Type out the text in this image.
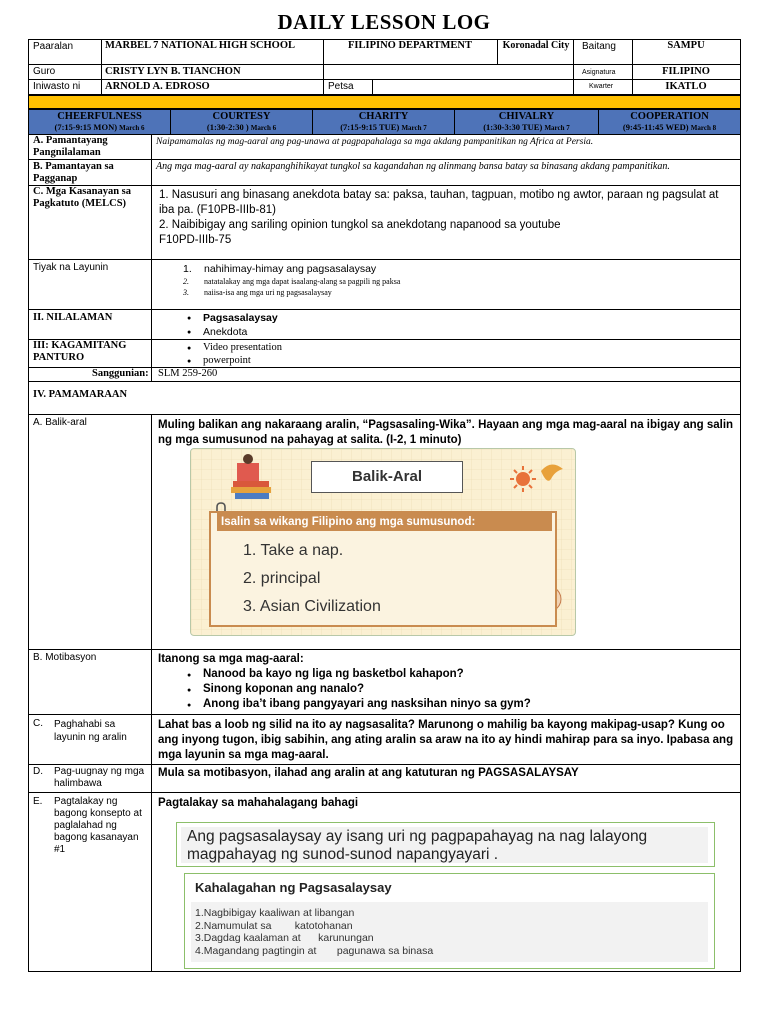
DAILY LESSON LOG
Paaralan	MARBEL 7 NATIONAL HIGH SCHOOL	FILIPINO DEPARTMENT	Koronadal City Baitang	SAMPU
Guro	CRISTY LYN B. TIANCHON	Asignatura	FILIPINO
Iniwasto ni ARNOLD A. EDROSO	Petsa	Kwarter	IKATLO
CHEERFULNESS
(7:15-9:15 MON) March 6
COURTESY
(1:30-2:30 ) March 6
CHARITY
(7:15-9:15 TUE) March 7
CHIVALRY
(1:30-3:30 TUE) March 7
COOPERATION
(9:45-11:45 WED) March 8
A. Pamantayang Pangnilalaman
Naipamamalas ng mag-aaral ang pag-unawa at pagpapahalaga sa mga akdang pampanitikan ng Africa at Persia.
B. Pamantayan sa Pagganap
Ang mga mag-aaral ay nakapanghihikayat tungkol sa kagandahan ng alinmang bansa batay sa binasang akdang pampanitikan.
C. Mga Kasanayan sa Pagkatuto (MELCS)
1. Nasusuri ang binasang anekdota batay sa: paksa, tauhan, tagpuan, motibo ng awtor, paraan ng pagsulat at iba pa. (F10PB-IIIb-81)
2. Naibibigay ang sariling opinion tungkol sa anekdotang napanood sa youtube
F10PD-IIIb-75
Tiyak na Layunin	1. nahihimay-himay ang pagsasalaysay
2. natatalakay ang mga dapat isaalang-alang sa pagpili ng paksa
3. naiisa-isa ang mga uri ng pagsasalaysay
II. NILALAMAN
●	Pagsasalaysay
● Anekdota
III: KAGAMITANG PANTURO
● Video presentation
● powerpoint
Sanggunian: SLM 259-260
IV. PAMAMARAAN
A. Balik-aral	Muling balikan ang nakaraang aralin, “Pagsasaling-Wika”. Hayaan ang mga mag-aaral na ibigay ang salin ng mga sumusunod na pahayag at salita. (I-2, 1 minuto)
Balik-Aral
Isalin sa wikang Filipino ang mga sumusunod:
1. Take a nap.
2. principal
3. Asian Civilization
B. Motibasyon	Itanong sa mga mag-aaral:
● Nanood ba kayo ng liga ng basketbol kahapon?
● Sinong koponan ang nanalo?
● Anong iba’t ibang pangyayari ang nasksihan ninyo sa gym?
C. Paghahabi sa layunin ng aralin
Lahat bas a loob ng silid na ito ay nagsasalita? Marunong o mahilig ba kayong makipag-usap? Kung oo ang inyong tugon, ibig sabihin, ang ating aralin sa araw na ito ay hindi mahirap para sa inyo. Ipabasa ang mga layunin sa mga mag-aaral.
D. Pag-uugnay ng mga halimbawa
Mula sa motibasyon, ilahad ang aralin at ang katuturan ng PAGSASALAYSAY
E. Pagtalakay ng bagong konsepto at paglalahad ng bagong kasanayan #1
Pagtalakay sa mahahalagang bahagi
Ang pagsasalaysay ay isang uri ng pagpapahayag na nag lalayong magpahayag ng sunod-sunod napangyayari .
Kahalagahan ng Pagsasalaysay
1.Nagbibigay kaaliwan at libangan
2.Namumulat sa        katotohanan
3.Dagdag kaalaman at      karunungan
4.Magandang pagtingin at       pagunawa sa binasa
